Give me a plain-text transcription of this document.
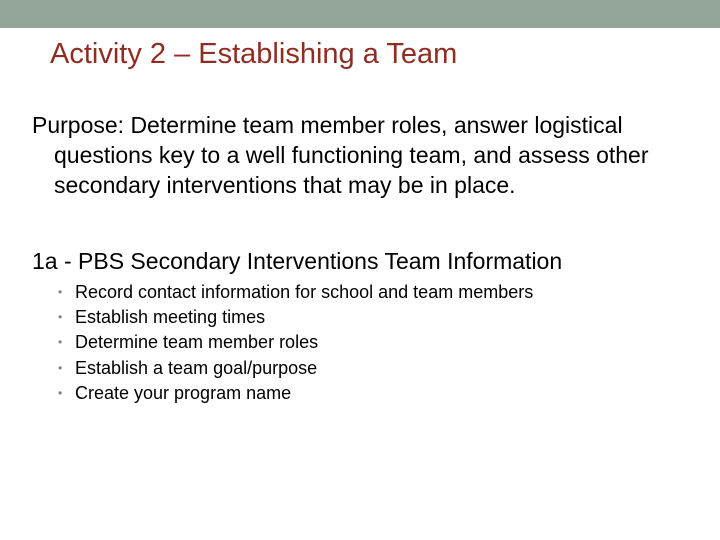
Activity 2 – Establishing a Team

Purpose: Determine team member roles, answer logistical questions key to a well functioning team, and assess other secondary interventions that may be in place.

1a - PBS Secondary Interventions Team Information

• Record contact information for school and team members
• Establish meeting times
• Determine team member roles
• Establish a team goal/purpose
• Create your program name
